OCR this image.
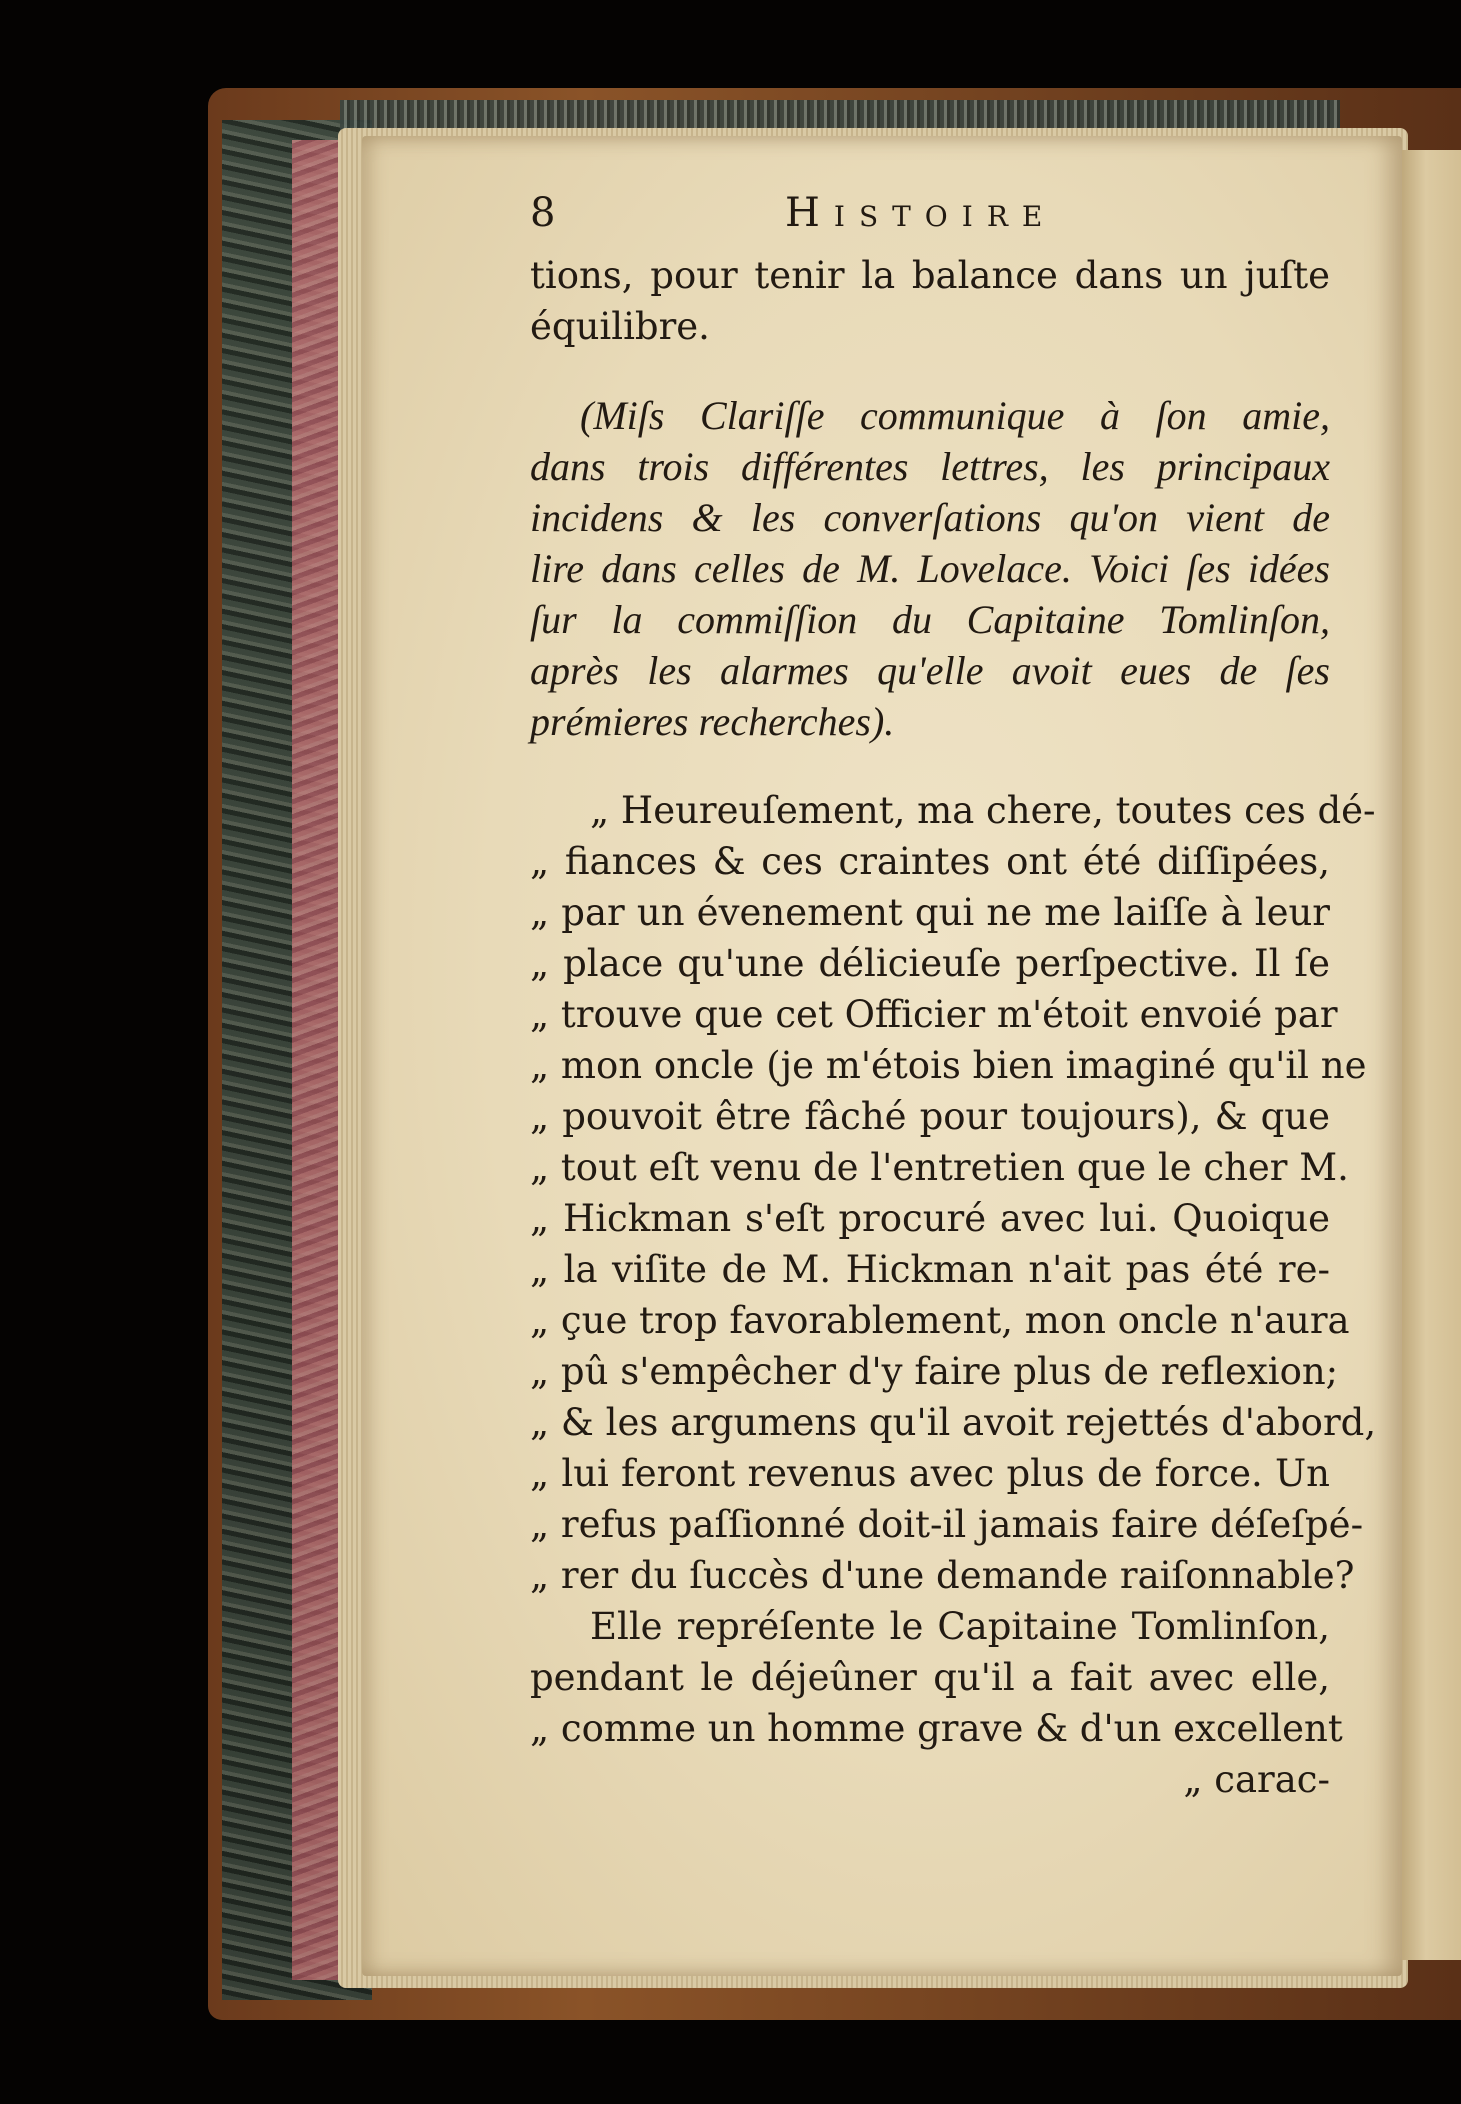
8	Histoire
tions, pour tenir la balance dans un juſte
équilibre.
(Miſs Clariſſe communique à ſon amie,
dans trois différentes lettres, les principaux
incidens & les converſations qu'on vient de
lire dans celles de M. Lovelace. Voici ſes idées
ſur la commiſſion du Capitaine Tomlinſon,
après les alarmes qu'elle avoit eues de ſes
prémieres recherches).
„ Heureuſement, ma chere, toutes ces dé-
„ fiances & ces craintes ont été diſſipées,
„ par un évenement qui ne me laiſſe à leur
„ place qu'une délicieuſe perſpective. Il ſe
„ trouve que cet Officier m'étoit envoié par
„ mon oncle (je m'étois bien imaginé qu'il ne
„ pouvoit être fâché pour toujours), & que
„ tout eſt venu de l'entretien que le cher M.
„ Hickman s'eſt procuré avec lui. Quoique
„ la viſite de M. Hickman n'ait pas été re-
„ çue trop favorablement, mon oncle n'aura
„ pû s'empêcher d'y faire plus de reflexion;
„ & les argumens qu'il avoit rejettés d'abord,
„ lui feront revenus avec plus de force. Un
„ refus paſſionné doit-il jamais faire déſeſpé-
„ rer du ſuccès d'une demande raiſonnable?
Elle repréſente le Capitaine Tomlinſon,
pendant le déjeûner qu'il a fait avec elle,
„ comme un homme grave & d'un excellent
„ carac-
